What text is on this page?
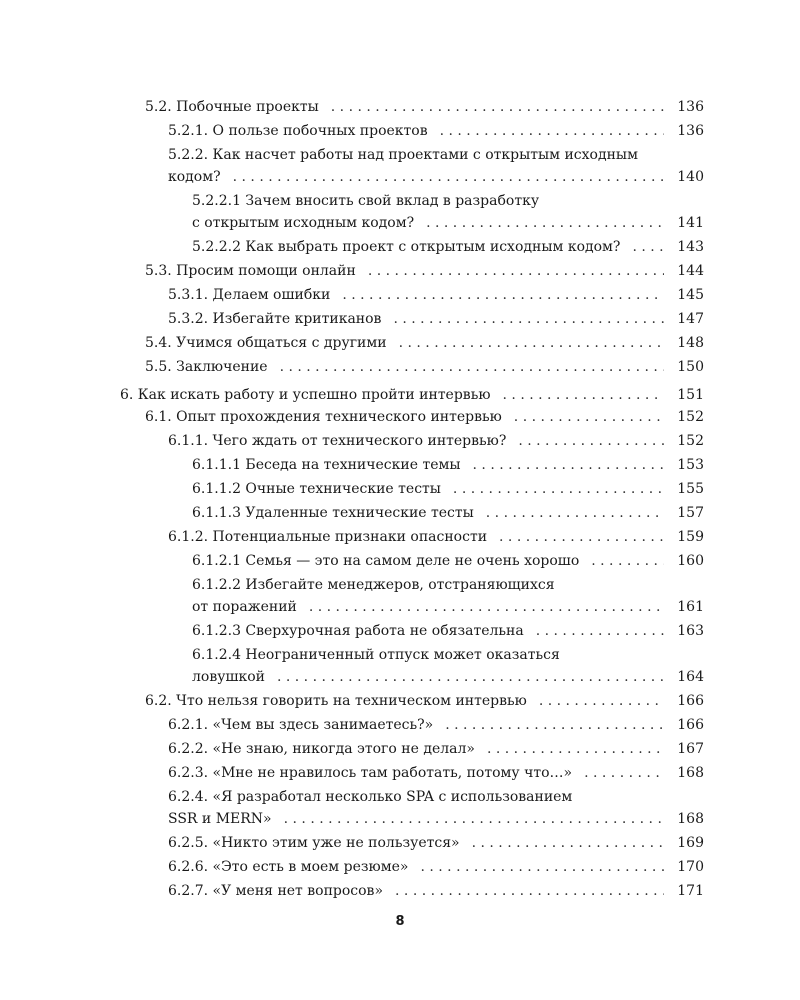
5.2. Побочные проекты . . .	136
5.2.1. О пользе побочных проектов . . .	136
5.2.2. Как насчет работы над проектами с открытым исходным
кодом? . . .	140
5.2.2.1 Зачем вносить свой вклад в разработку
с открытым исходным кодом? . . .	141
5.2.2.2 Как выбрать проект с открытым исходным кодом? . . .	143
5.3. Просим помощи онлайн . . .	144
5.3.1. Делаем ошибки . . .	145
5.3.2. Избегайте критиканов . . .	147
5.4. Учимся общаться с другими . . .	148
5.5. Заключение . . .	150
6. Как искать работу и успешно пройти интервью . . .	151
6.1. Опыт прохождения технического интервью . . .	152
6.1.1. Чего ждать от технического интервью? . . .	152
6.1.1.1 Беседа на технические темы . . .	153
6.1.1.2 Очные технические тесты . . .	155
6.1.1.3 Удаленные технические тесты . . .	157
6.1.2. Потенциальные признаки опасности . . .	159
6.1.2.1 Семья — это на самом деле не очень хорошо . . .	160
6.1.2.2 Избегайте менеджеров, отстраняющихся
от поражений . . .	161
6.1.2.3 Сверхурочная работа не обязательна . . .	163
6.1.2.4 Неограниченный отпуск может оказаться
ловушкой . . .	164
6.2. Что нельзя говорить на техническом интервью . . .	166
6.2.1. «Чем вы здесь занимаетесь?» . . .	166
6.2.2. «Не знаю, никогда этого не делал» . . .	167
6.2.3. «Мне не нравилось там работать, потому что…» . . .	168
6.2.4. «Я разработал несколько SPA с использованием
SSR и MERN» . . .	168
6.2.5. «Никто этим уже не пользуется» . . .	169
6.2.6. «Это есть в моем резюме» . . .	170
6.2.7. «У меня нет вопросов» . . .	171
8
